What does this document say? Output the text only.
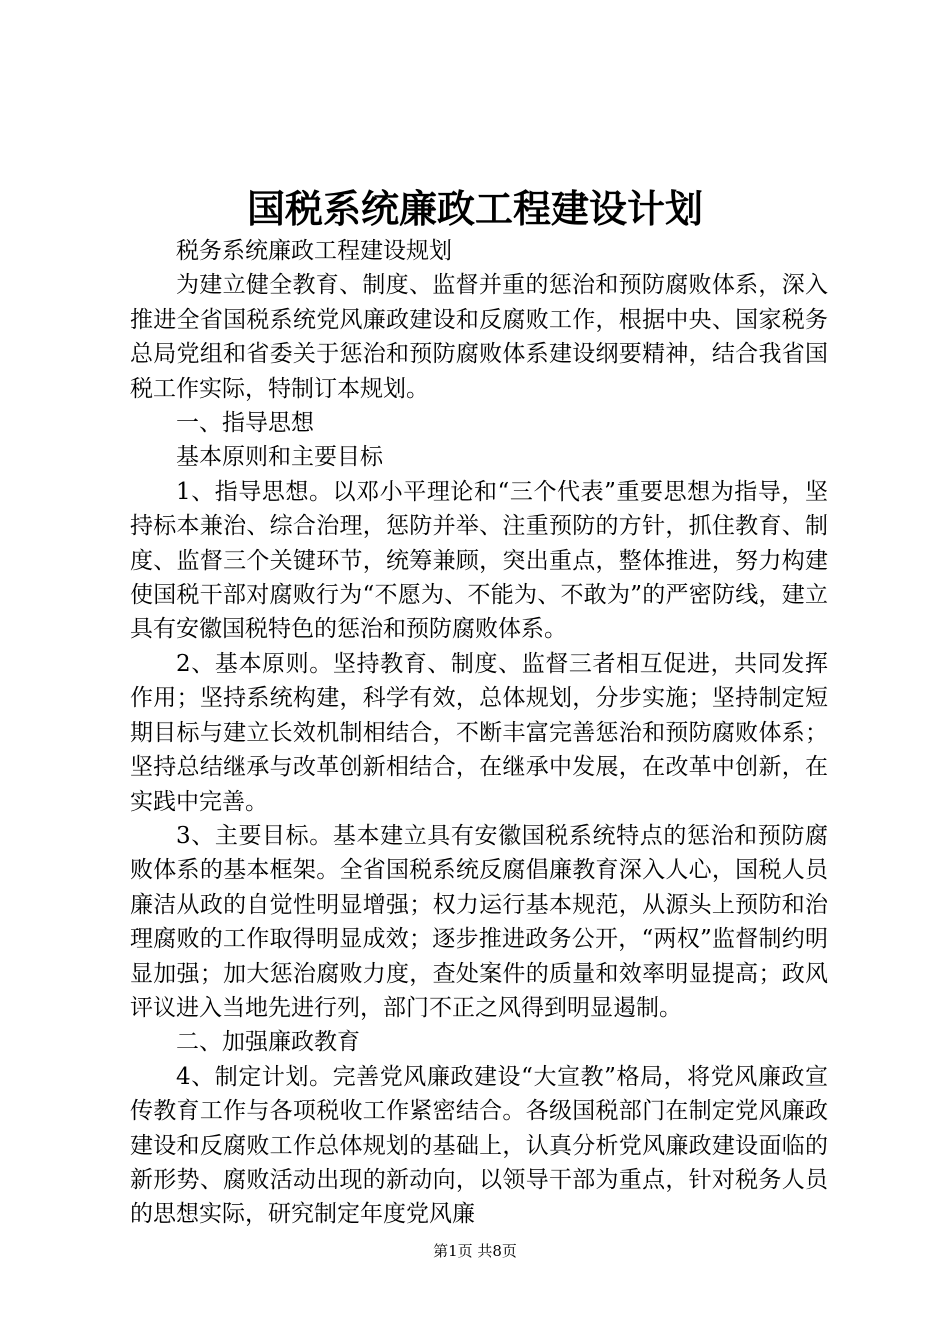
国税系统廉政工程建设计划

税务系统廉政工程建设规划

为建立健全教育、制度、监督并重的惩治和预防腐败体系，深入推进全省国税系统党风廉政建设和反腐败工作，根据中央、国家税务总局党组和省委关于惩治和预防腐败体系建设纲要精神，结合我省国税工作实际，特制订本规划。

一、指导思想

基本原则和主要目标

1、指导思想。以邓小平理论和“三个代表”重要思想为指导，坚持标本兼治、综合治理，惩防并举、注重预防的方针，抓住教育、制度、监督三个关键环节，统筹兼顾，突出重点，整体推进，努力构建使国税干部对腐败行为“不愿为、不能为、不敢为”的严密防线，建立具有安徽国税特色的惩治和预防腐败体系。

2、基本原则。坚持教育、制度、监督三者相互促进，共同发挥作用；坚持系统构建，科学有效，总体规划，分步实施；坚持制定短期目标与建立长效机制相结合，不断丰富完善惩治和预防腐败体系；坚持总结继承与改革创新相结合，在继承中发展，在改革中创新，在实践中完善。

3、主要目标。基本建立具有安徽国税系统特点的惩治和预防腐败体系的基本框架。全省国税系统反腐倡廉教育深入人心，国税人员廉洁从政的自觉性明显增强；权力运行基本规范，从源头上预防和治理腐败的工作取得明显成效；逐步推进政务公开，“两权”监督制约明显加强；加大惩治腐败力度，查处案件的质量和效率明显提高；政风评议进入当地先进行列，部门不正之风得到明显遏制。

二、加强廉政教育

4、制定计划。完善党风廉政建设“大宣教”格局，将党风廉政宣传教育工作与各项税收工作紧密结合。各级国税部门在制定党风廉政建设和反腐败工作总体规划的基础上，认真分析党风廉政建设面临的新形势、腐败活动出现的新动向，以领导干部为重点，针对税务人员的思想实际，研究制定年度党风廉

第1页 共8页
